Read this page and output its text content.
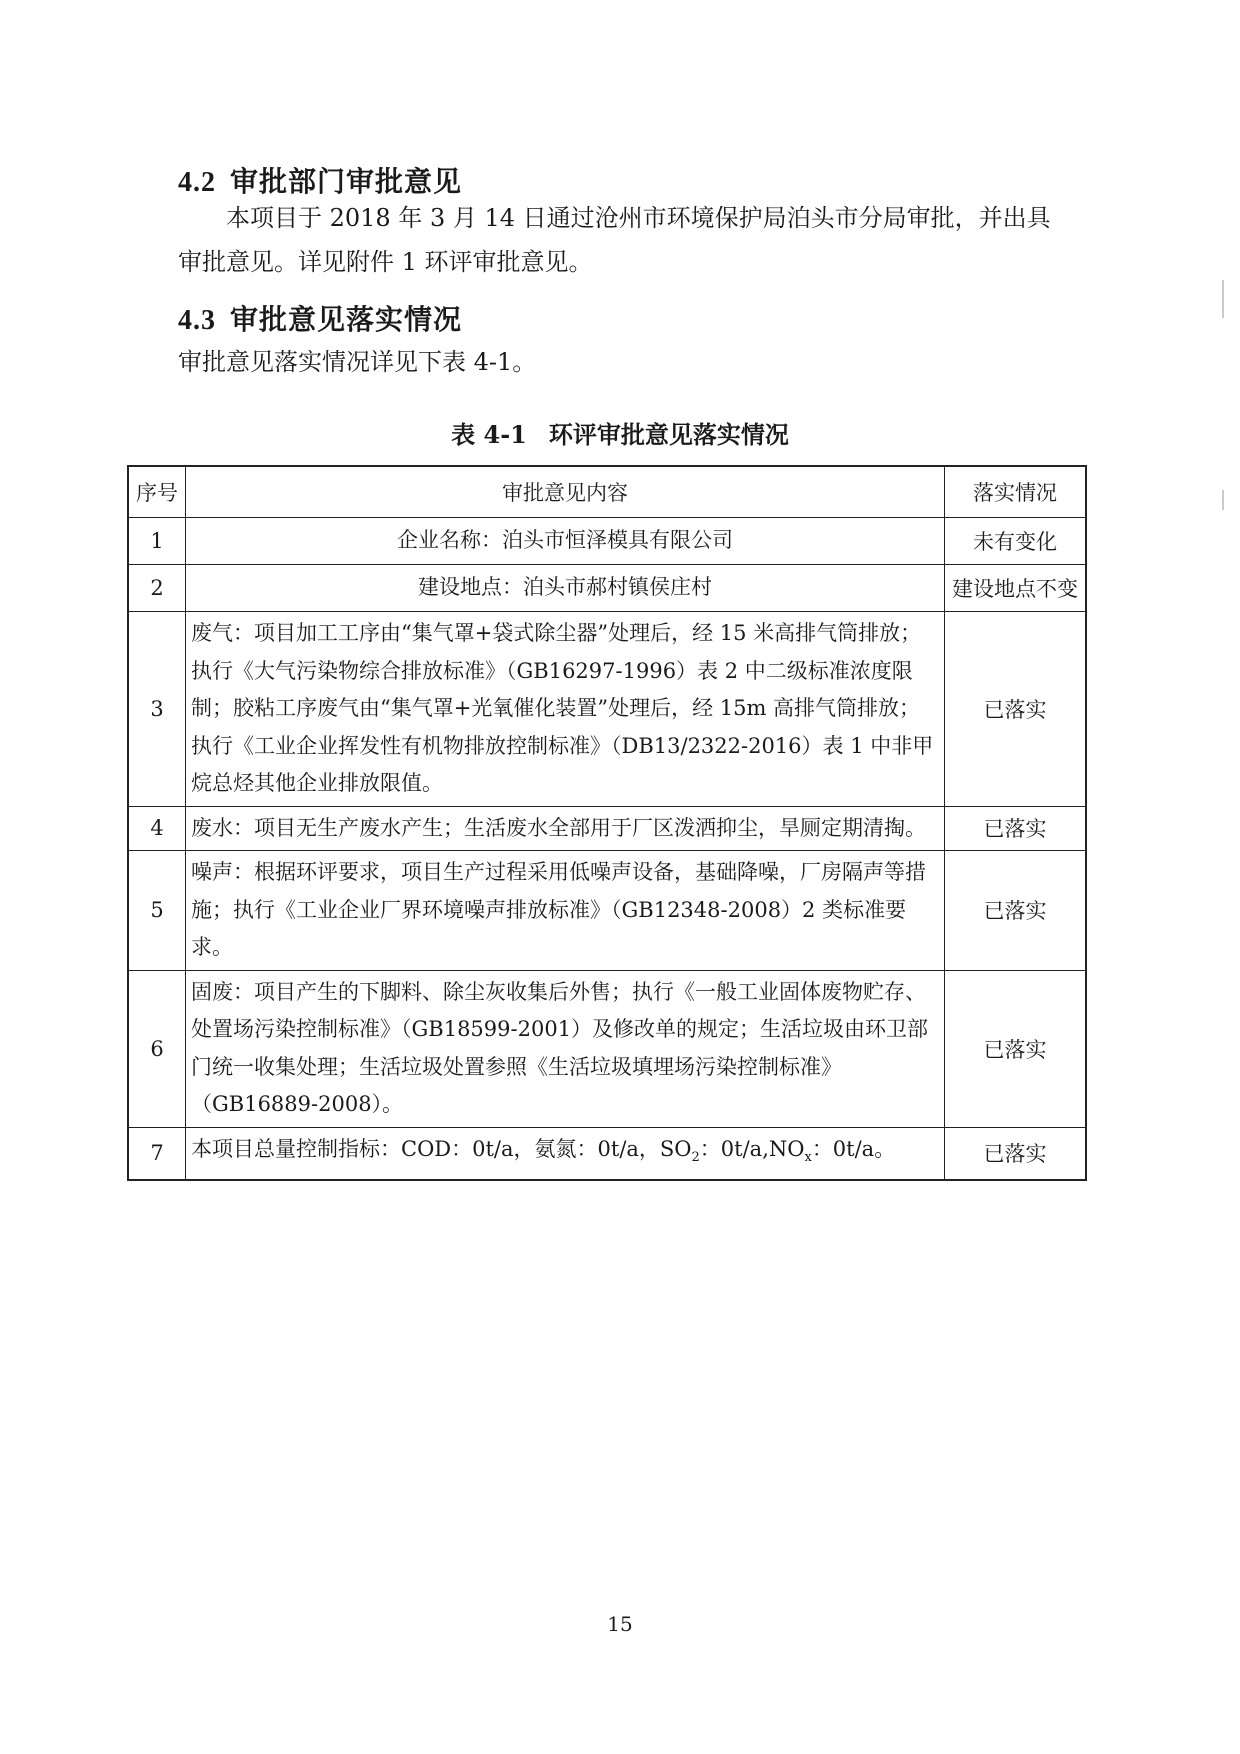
4.2 审批部门审批意见
本项目于 2018 年 3 月 14 日通过沧州市环境保护局泊头市分局审批，并出具审批意见。详见附件 1 环评审批意见。
4.3 审批意见落实情况
审批意见落实情况详见下表 4-1。
表 4-1 环评审批意见落实情况
序号	审批意见内容	落实情况
1	企业名称：泊头市恒泽模具有限公司	未有变化
2	建设地点：泊头市郝村镇侯庄村	建设地点不变
3	废气：项目加工工序由“集气罩+袋式除尘器”处理后，经 15 米高排气筒排放；执行《大气污染物综合排放标准》（GB16297-1996）表 2 中二级标准浓度限制；胶粘工序废气由“集气罩+光氧催化装置”处理后，经 15m 高排气筒排放；执行《工业企业挥发性有机物排放控制标准》（DB13/2322-2016）表 1 中非甲烷总烃其他企业排放限值。	已落实
4	废水：项目无生产废水产生；生活废水全部用于厂区泼洒抑尘，旱厕定期清掏。	已落实
5	噪声：根据环评要求，项目生产过程采用低噪声设备，基础降噪，厂房隔声等措施；执行《工业企业厂界环境噪声排放标准》（GB12348-2008）2 类标准要求。	已落实
6	固废：项目产生的下脚料、除尘灰收集后外售；执行《一般工业固体废物贮存、处置场污染控制标准》（GB18599-2001）及修改单的规定；生活垃圾由环卫部门统一收集处理；生活垃圾处置参照《生活垃圾填埋场污染控制标准》（GB16889-2008）。	已落实
7	本项目总量控制指标：COD：0t/a，氨氮：0t/a，$SO_2$：$0t/a,NO_x$：0t/a。	已落实
15
